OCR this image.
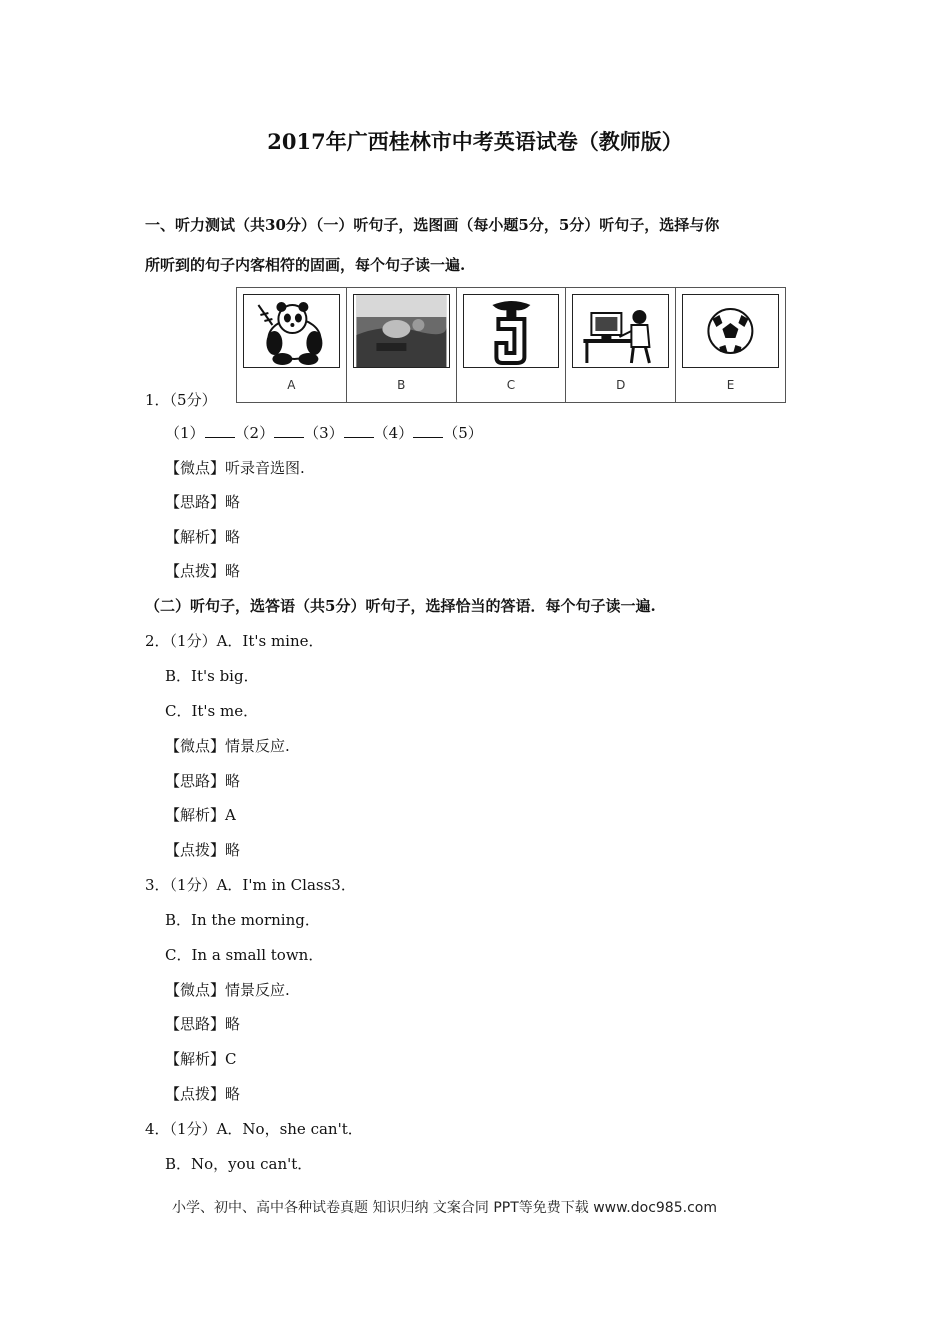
2017年广西桂林市中考英语试卷（教师版）
一、听力测试（共30分）（一）听句子，选图画（每小题5分，5分）听句子，选择与你
所听到的句子内客相符的固画，每个句子读一遍.
A	B	C	D	E
1．（5分）
（1） （2） （3） （4） （5）
【微点】听录音选图.
【思路】略
【解析】略
【点拨】略
（二）听句子，选答语（共5分）听句子，选择恰当的答语．每个句子读一遍.
2．（1分）A．It's mine．
B．It's big．
C．It's me．
【微点】情景反应.
【思路】略
【解析】A
【点拨】略
3．（1分）A．I'm in Class3．
B．In the morning．
C．In a small town．
【微点】情景反应.
【思路】略
【解析】C
【点拨】略
4．（1分）A．No，she can't．
B．No，you can't．
小学、初中、高中各种试卷真题 知识归纳 文案合同 PPT等免费下载 www.doc985.com
